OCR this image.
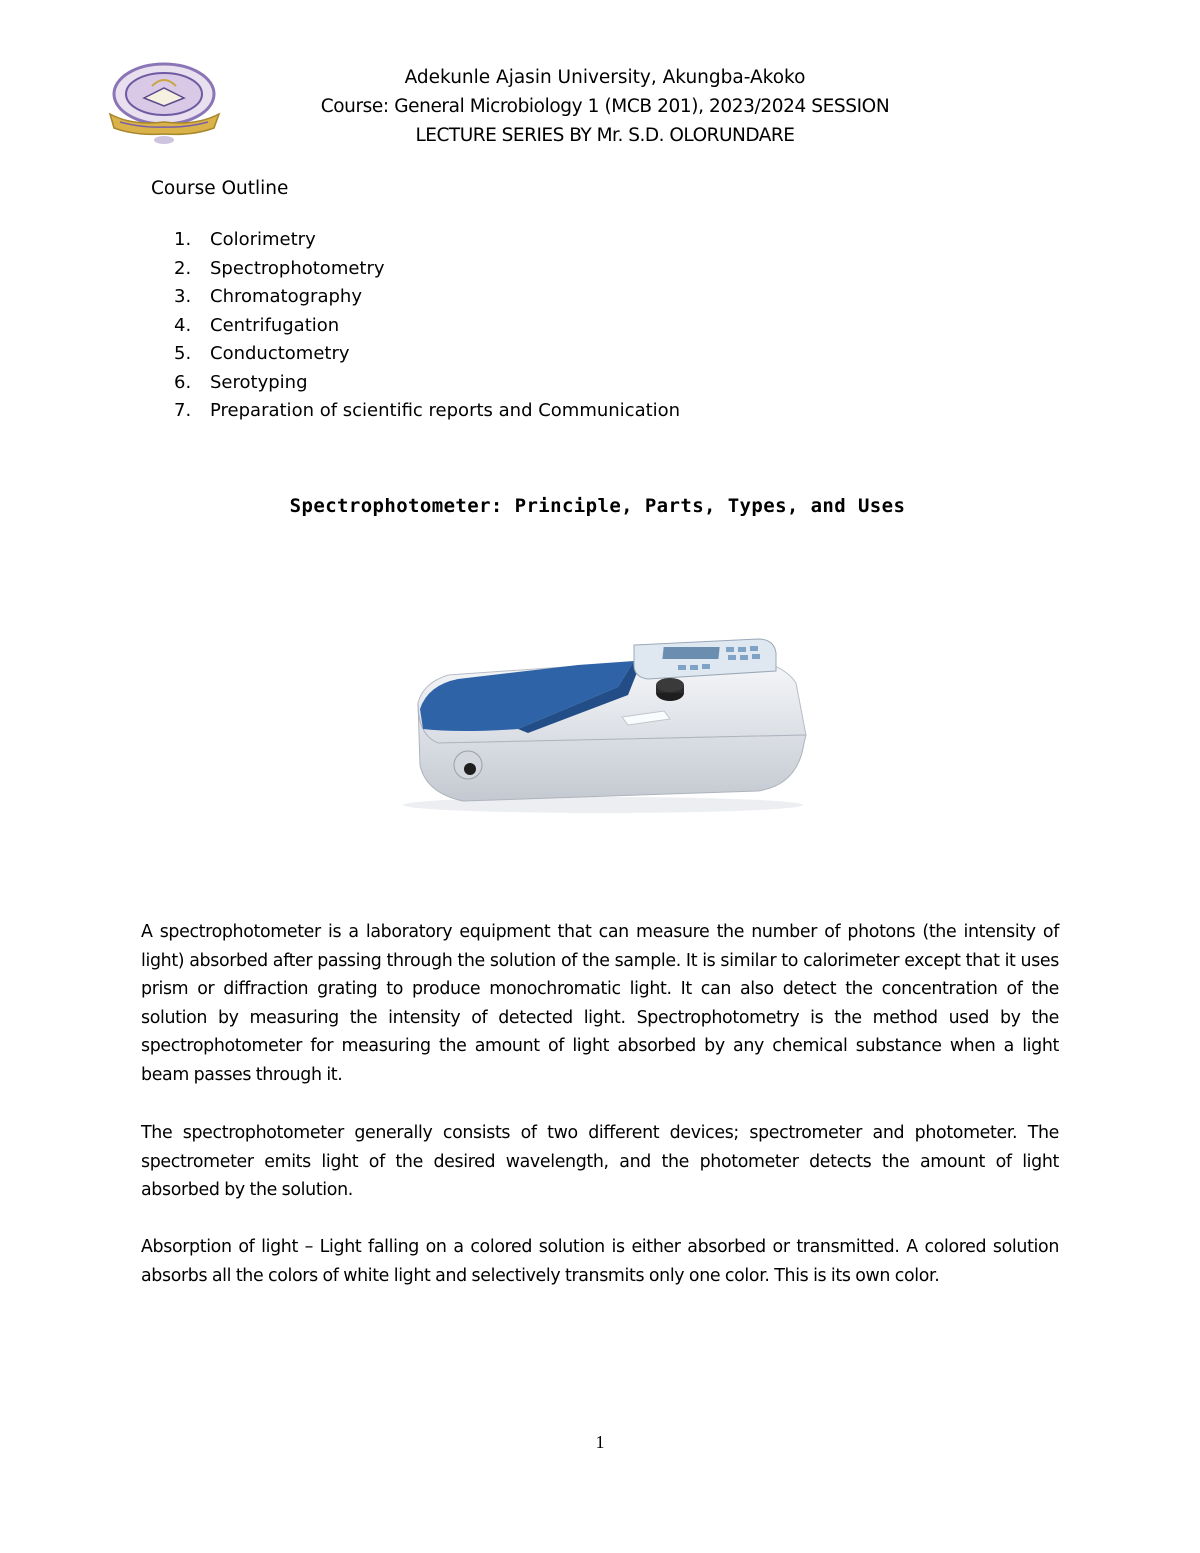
Adekunle Ajasin University, Akungba-Akoko
Course: General Microbiology 1 (MCB 201), 2023/2024 SESSION
LECTURE SERIES BY Mr. S.D. OLORUNDARE
Course Outline
1. Colorimetry
2. Spectrophotometry
3. Chromatography
4. Centrifugation
5. Conductometry
6. Serotyping
7. Preparation of scientific reports and Communication
Spectrophotometer: Principle, Parts, Types, and Uses

A spectrophotometer is a laboratory equipment that can measure the number of photons (the intensity of light) absorbed after passing through the solution of the sample. It is similar to calorimeter except that it uses prism or diffraction grating to produce monochromatic light. It can also detect the concentration of the solution by measuring the intensity of detected light. Spectrophotometry is the method used by the spectrophotometer for measuring the amount of light absorbed by any chemical substance when a light beam passes through it.

The spectrophotometer generally consists of two different devices; spectrometer and photometer. The spectrometer emits light of the desired wavelength, and the photometer detects the amount of light absorbed by the solution.

Absorption of light – Light falling on a colored solution is either absorbed or transmitted. A colored solution absorbs all the colors of white light and selectively transmits only one color. This is its own color.

1
